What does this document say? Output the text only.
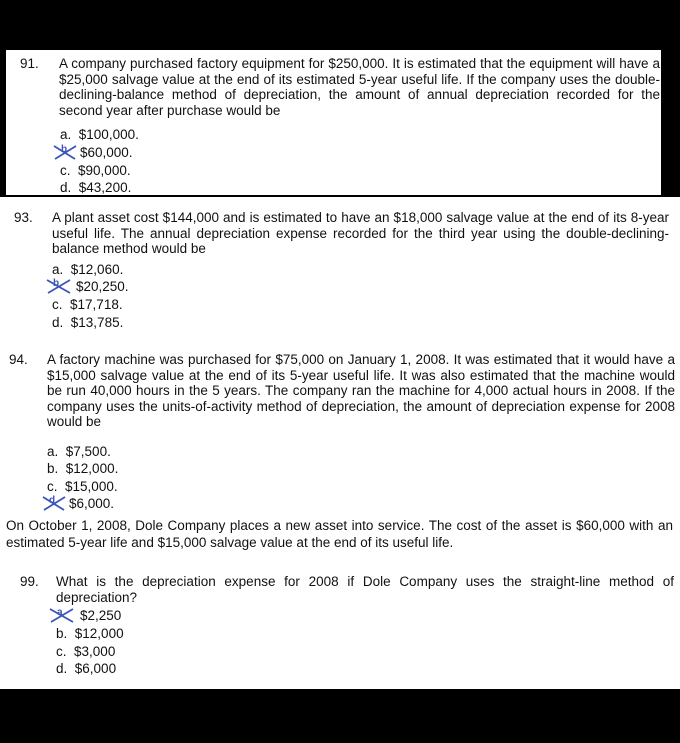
91. A company purchased factory equipment for $250,000. It is estimated that the equipment will have a $25,000 salvage value at the end of its estimated 5-year useful life. If the company uses the double-declining-balance method of depreciation, the amount of annual depreciation recorded for the second year after purchase would be

a. $100,000.
b $60,000.
c. $90,000.
d. $43,200.
93. A plant asset cost $144,000 and is estimated to have an $18,000 salvage value at the end of its 8-year useful life. The annual depreciation expense recorded for the third year using the double-declining-balance method would be

a. $12,060.
b $20,250.
c. $17,718.
d. $13,785.
94. A factory machine was purchased for $75,000 on January 1, 2008. It was estimated that it would have a $15,000 salvage value at the end of its 5-year useful life. It was also estimated that the machine would be run 40,000 hours in the 5 years. The company ran the machine for 4,000 actual hours in 2008. If the company uses the units-of-activity method of depreciation, the amount of depreciation expense for 2008 would be

a. $7,500.
b. $12,000.
c. $15,000.
d $6,000.

On October 1, 2008, Dole Company places a new asset into service. The cost of the asset is $60,000 with an estimated 5-year life and $15,000 salvage value at the end of its useful life.

99. What is the depreciation expense for 2008 if Dole Company uses the straight-line method of depreciation?

a $2,250
b. $12,000
c. $3,000
d. $6,000
